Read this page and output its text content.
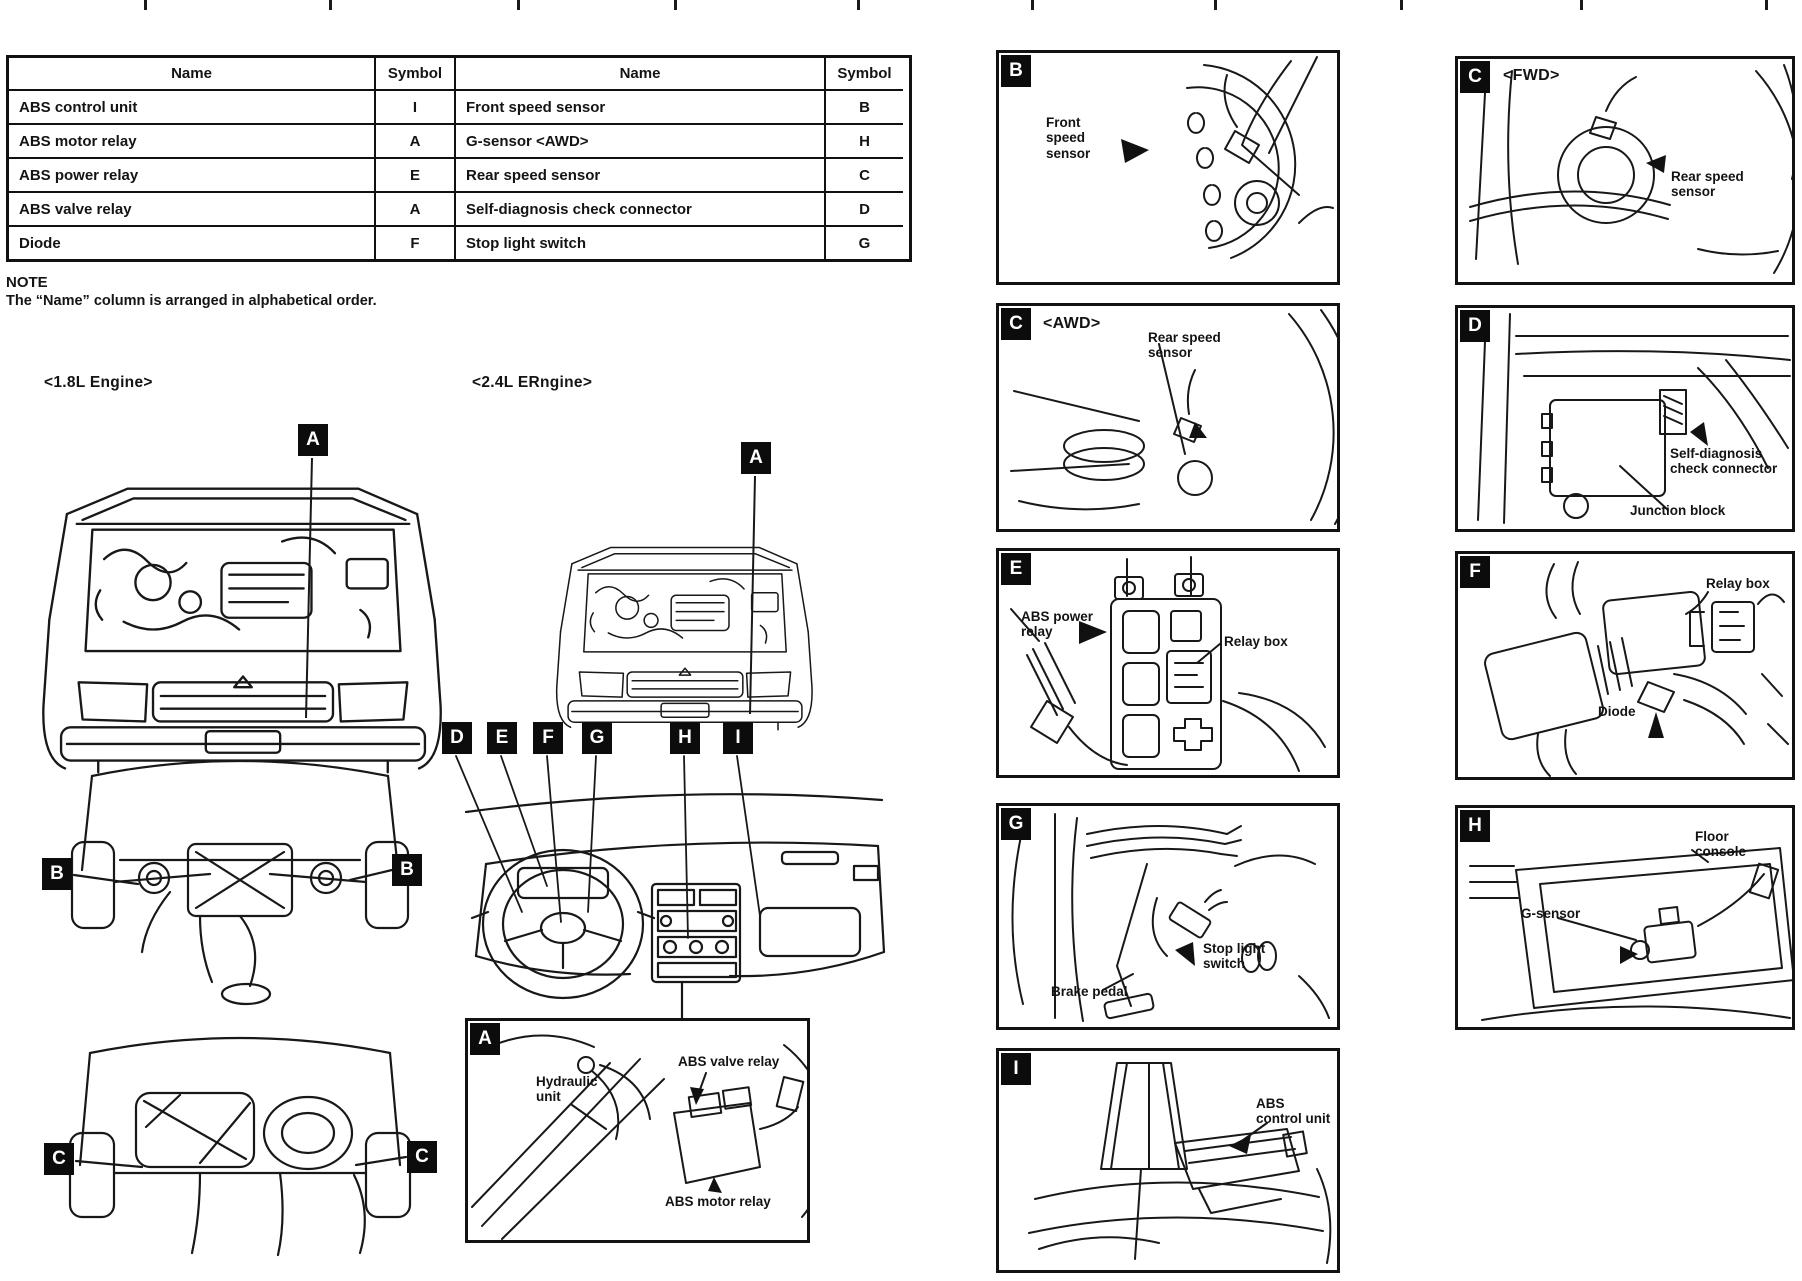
Name	Symbol	Name	Symbol
ABS control unit	I	Front speed sensor	B
ABS motor relay	A	G-sensor <AWD>	H
ABS power relay	E	Rear speed sensor	C
ABS valve relay	A	Self-diagnosis check connector	D
Diode	F	Stop light switch	G
NOTE
The “Name” column is arranged in alphabetical order.
<1.8L Engine>	<2.4L ERngine>
A
A
B	B
D	E	F	G	H	I
C	C
A
ABS valve relay
Hydraulic
unit
ABS motor relay
B
Front
speed
sensor
C	<AWD>
Rear speed
sensor
E
ABS power
relay
Relay box
G
Stop light
switch
Brake pedal
I
ABS
control unit
C	<FWD>
Rear speed
sensor
D
Self-diagnosis
check connector
Junction block
F
Relay box
Diode
H
Floor
console
G-sensor
